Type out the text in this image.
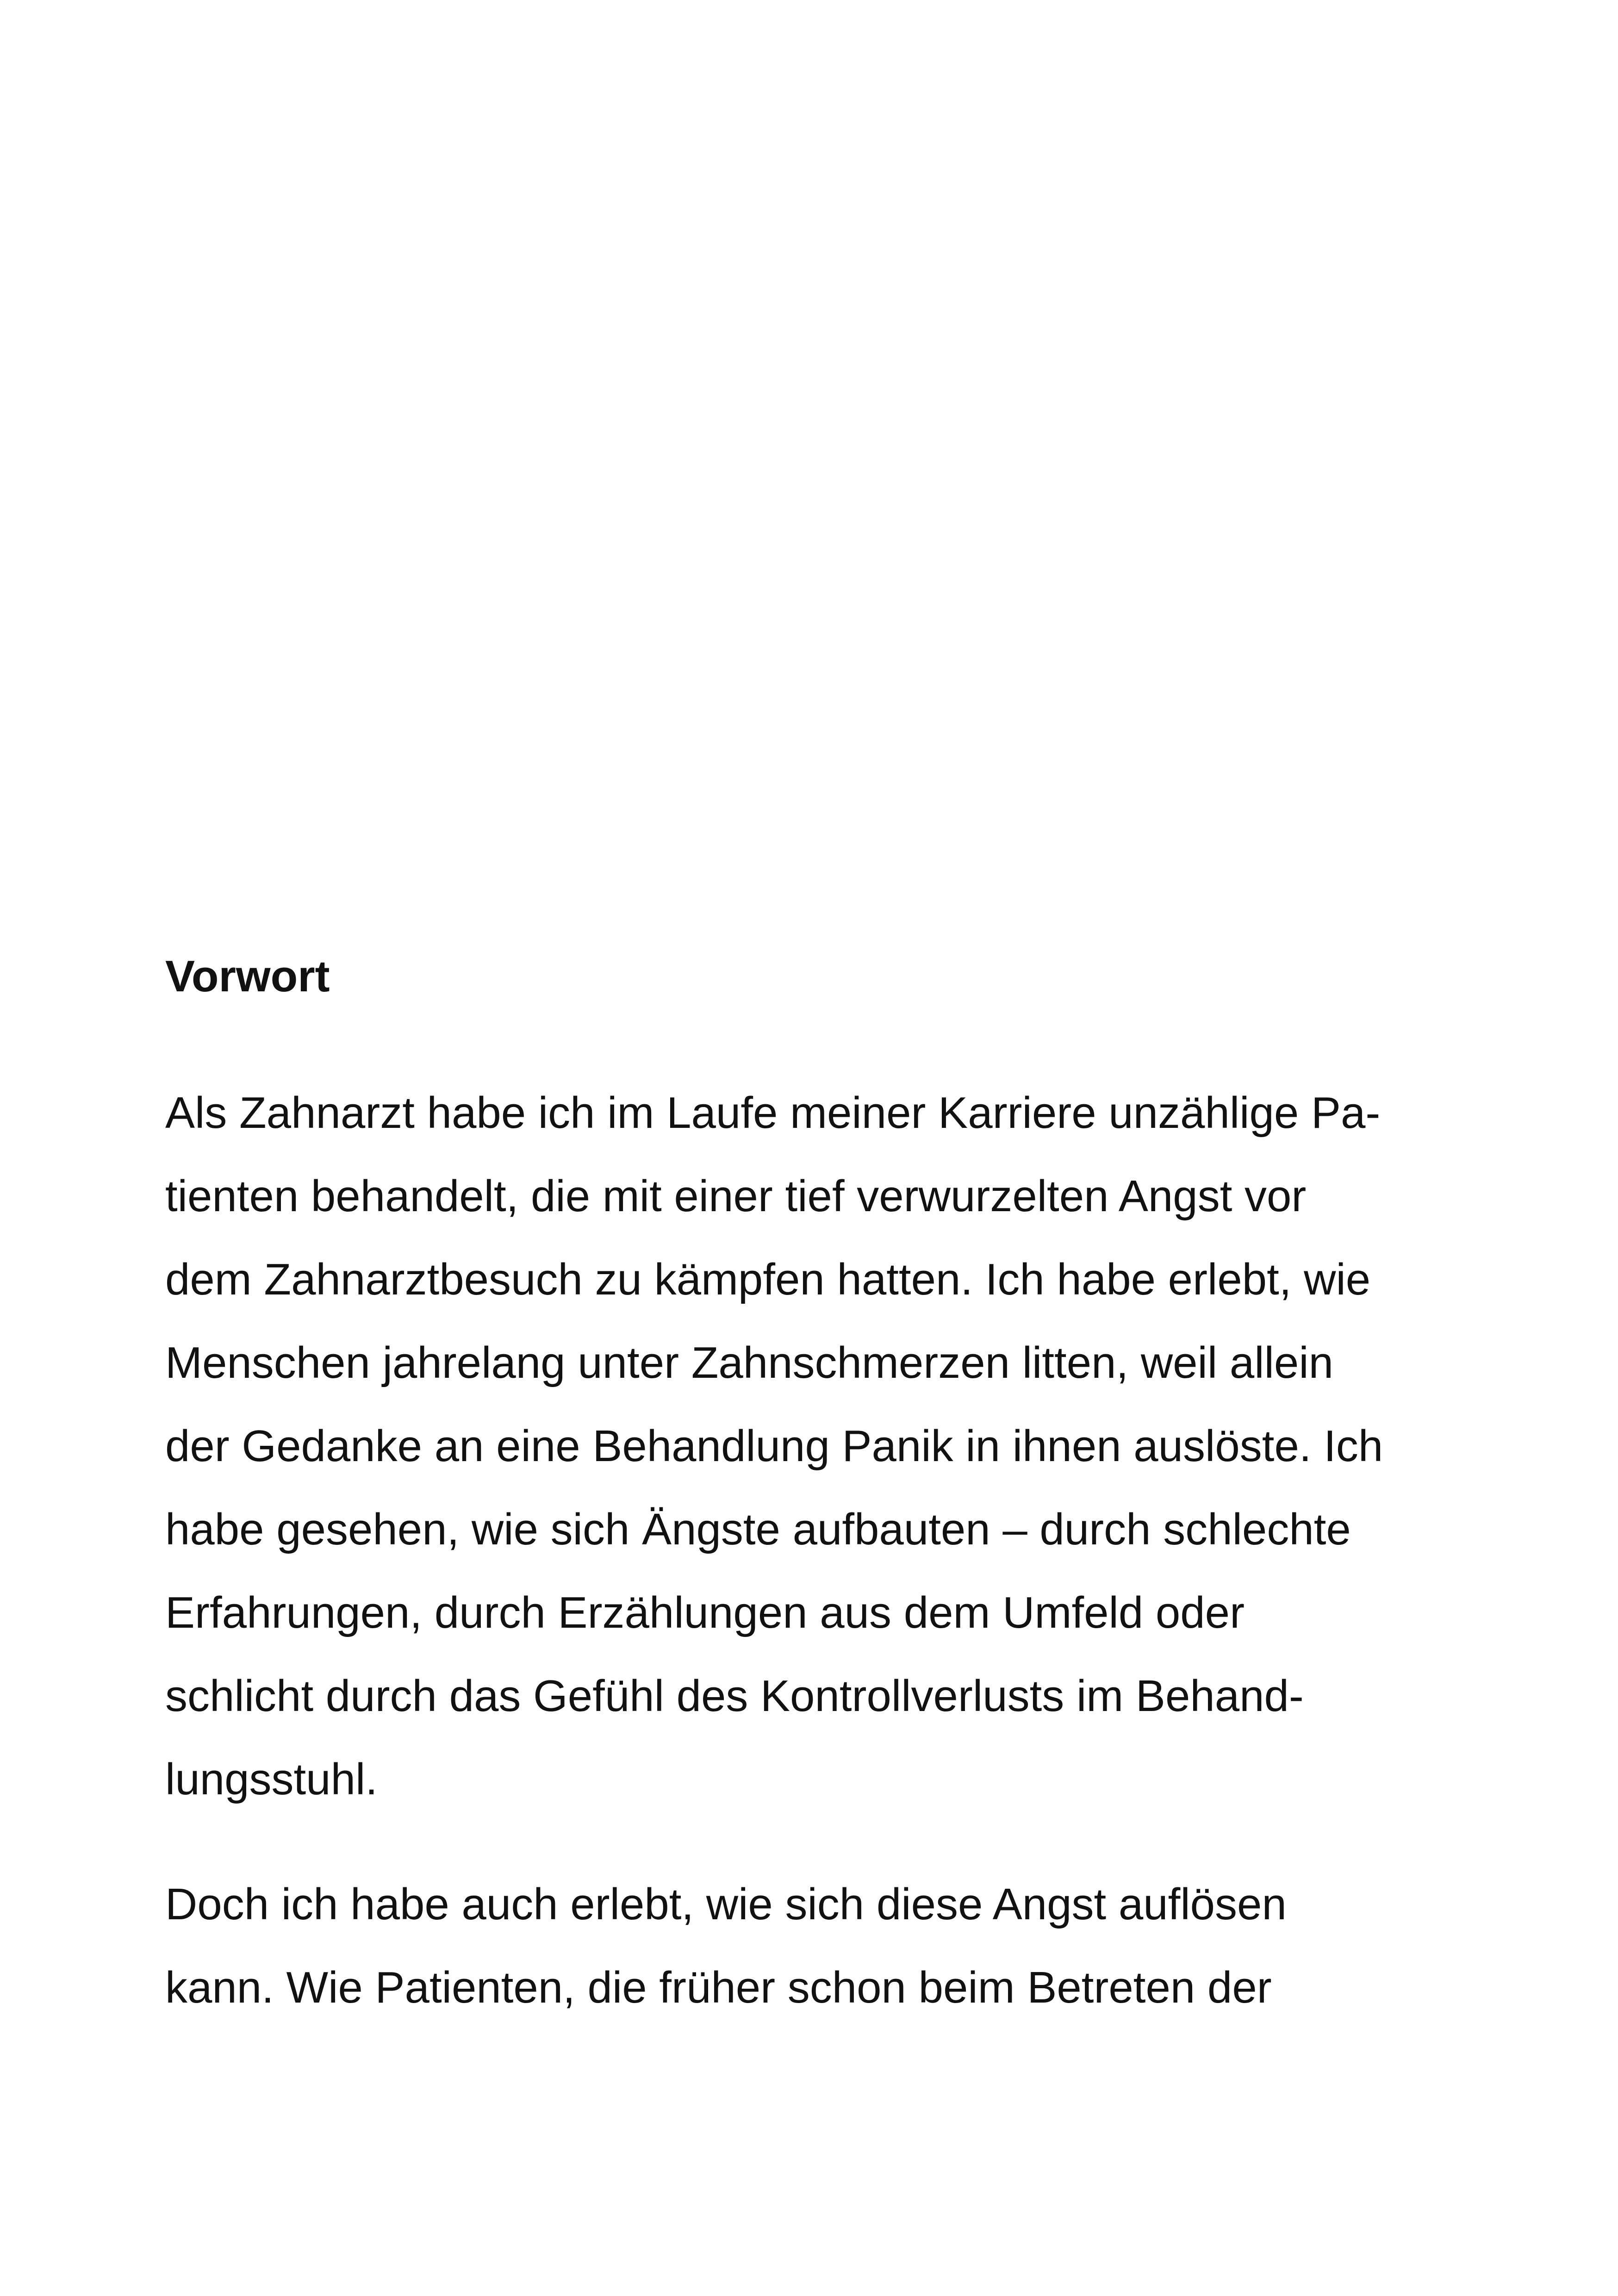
Vorwort

Als Zahnarzt habe ich im Laufe meiner Karriere unzählige Pa-
tienten behandelt, die mit einer tief verwurzelten Angst vor
dem Zahnarztbesuch zu kämpfen hatten. Ich habe erlebt, wie
Menschen jahrelang unter Zahnschmerzen litten, weil allein
der Gedanke an eine Behandlung Panik in ihnen auslöste. Ich
habe gesehen, wie sich Ängste aufbauten – durch schlechte
Erfahrungen, durch Erzählungen aus dem Umfeld oder
schlicht durch das Gefühl des Kontrollverlusts im Behand-
lungsstuhl.

Doch ich habe auch erlebt, wie sich diese Angst auflösen
kann. Wie Patienten, die früher schon beim Betreten der
